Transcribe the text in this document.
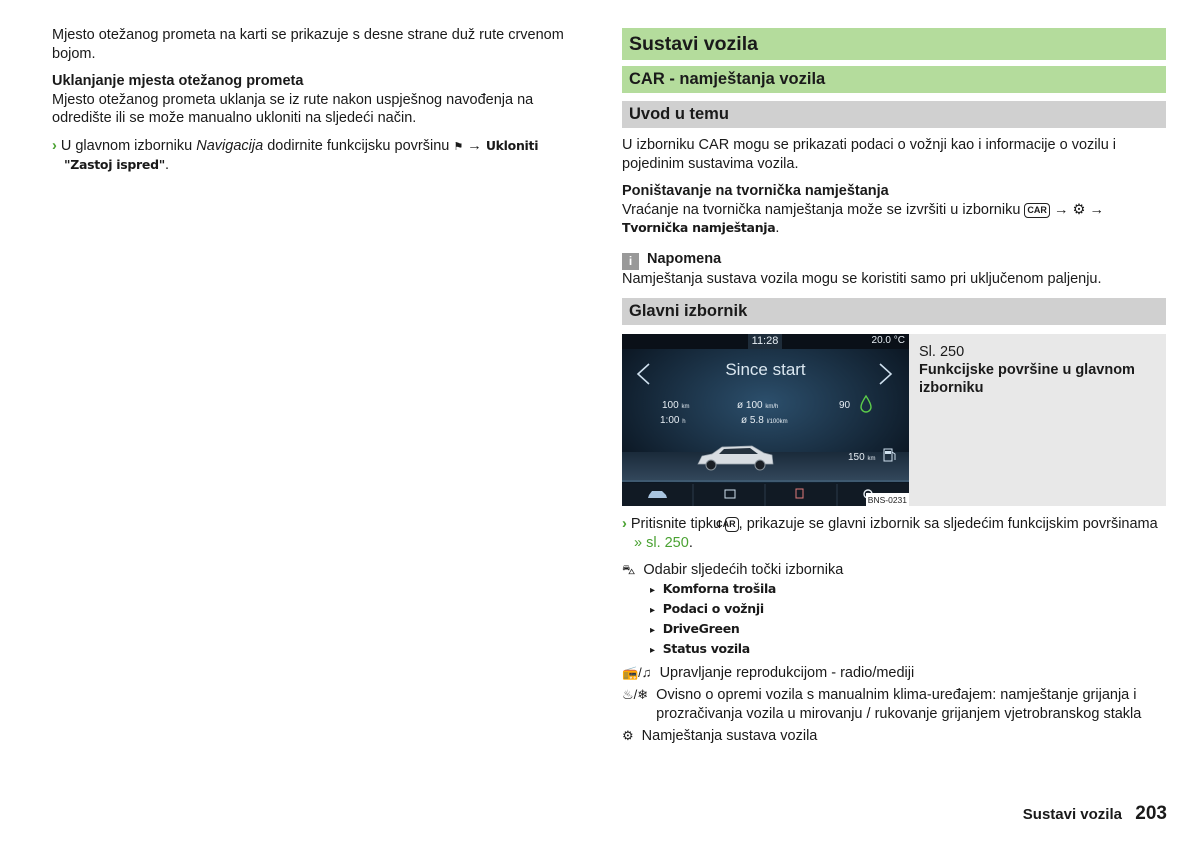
Mjesto otežanog prometa na karti se prikazuje s desne strane duž rute crvenom bojom.

Uklanjanje mjesta otežanog prometa

Mjesto otežanog prometa uklanja se iz rute nakon uspješnog navođenja na odredište ili se može manualno ukloniti na sljedeći način.

› U glavnom izborniku Navigacija dodirnite funkcijsku površinu ⚑ → Ukloniti "Zastoj ispred".

Sustavi vozila
CAR - namještanja vozila
Uvod u temu

U izborniku CAR mogu se prikazati podaci o vožnji kao i informacije o vozilu i pojedinim sustavima vozila.

Poništavanje na tvornička namještanja

Vraćanje na tvornička namještanja može se izvršiti u izborniku CAR → ⚙ → Tvornička namještanja.

i Napomena

Namještanja sustava vozila mogu se koristiti samo pri uključenom paljenju.

Glavni izbornik
11:28	20.0 °C
Since start
100 km
1:00 h
ø 100 km/h
ø 5.8 l/100km
90
150 km
BNS-0231
Sl. 250
Funkcijske površine u glavnom izborniku

› Pritisnite tipku CAR , prikazuje se glavni izbornik sa sljedećim funkcijskim površinama » sl. 250.

⛍ Odabir sljedećih točki izbornika
▸ Komforna trošila
▸ Podaci o vožnji
▸ DriveGreen
▸ Status vozila
📻/♫ Upravljanje reprodukcijom - radio/mediji
♨/❄ Ovisno o opremi vozila s manualnim klima-uređajem: namještanje grijanja i prozračivanja vozila u mirovanju / rukovanje grijanjem vjetrobranskog stakla
⚙ Namještanja sustava vozila
Sustavi vozila 203
